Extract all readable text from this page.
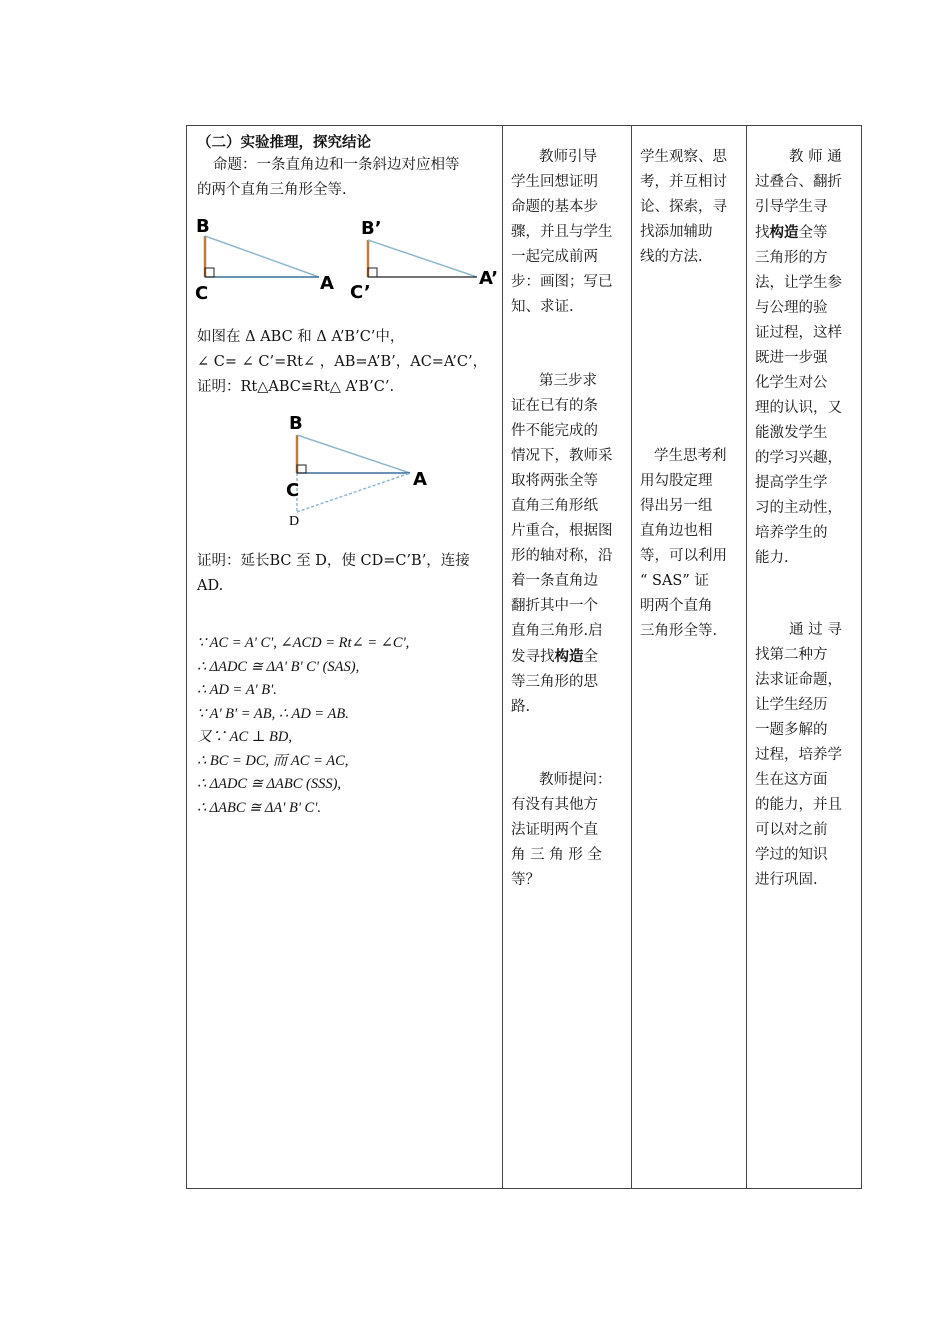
（二）实验推理，探究结论
命题：一条直角边和一条斜边对应相等
的两个直角三角形全等.
B
C	A
B’
C’
A’
如图在 Δ ABC 和 Δ A’B’C’中，
∠ C= ∠ C’=Rt∠ ，AB=A’B’，AC=A’C’，
证明：Rt△ABC≌Rt△ A’B’C’.
B
C
A
D
证明：延长BC 至 D，使 CD=C’B’，连接
AD.
∵ AC = A' C', ∠ACD = Rt∠ = ∠C',
∴ ΔADC ≅ ΔA' B' C' (SAS),
∴ AD = A' B'.
∵ A' B' = AB, ∴ AD = AB.
又∵ AC ⊥ BD,
∴ BC = DC, 而 AC = AC,
∴ ΔADC ≅ ΔABC (SSS),
∴ ΔABC ≅ ΔA' B' C'.

教师引导

学生回想证明

命题的基本步

骤，并且与学生

一起完成前两

步：画图；写已

知、求证.

第三步求

证在已有的条

件不能完成的

情况下，教师采

取将两张全等

直角三角形纸

片重合，根据图

形的轴对称，沿

着一条直角边

翻折其中一个

直角三角形.启

发寻找构造全

等三角形的思

路.

教师提问：

有没有其他方

法证明两个直

角 三 角 形 全

等？

学生观察、思

考，并互相讨

论、探索，寻

找添加辅助

线的方法.

学生思考利

用勾股定理

得出另一组

直角边也相

等，可以利用

“ SAS” 证

明两个直角

三角形全等.

教 师 通

过叠合、翻折

引导学生寻

找构造全等

三角形的方

法，让学生参

与公理的验

证过程，这样

既进一步强

化学生对公

理的认识，又

能激发学生

的学习兴趣，

提高学生学

习的主动性，

培养学生的

能力.

通 过 寻

找第二种方

法求证命题，

让学生经历

一题多解的

过程，培养学

生在这方面

的能力，并且

可以对之前

学过的知识

进行巩固.
